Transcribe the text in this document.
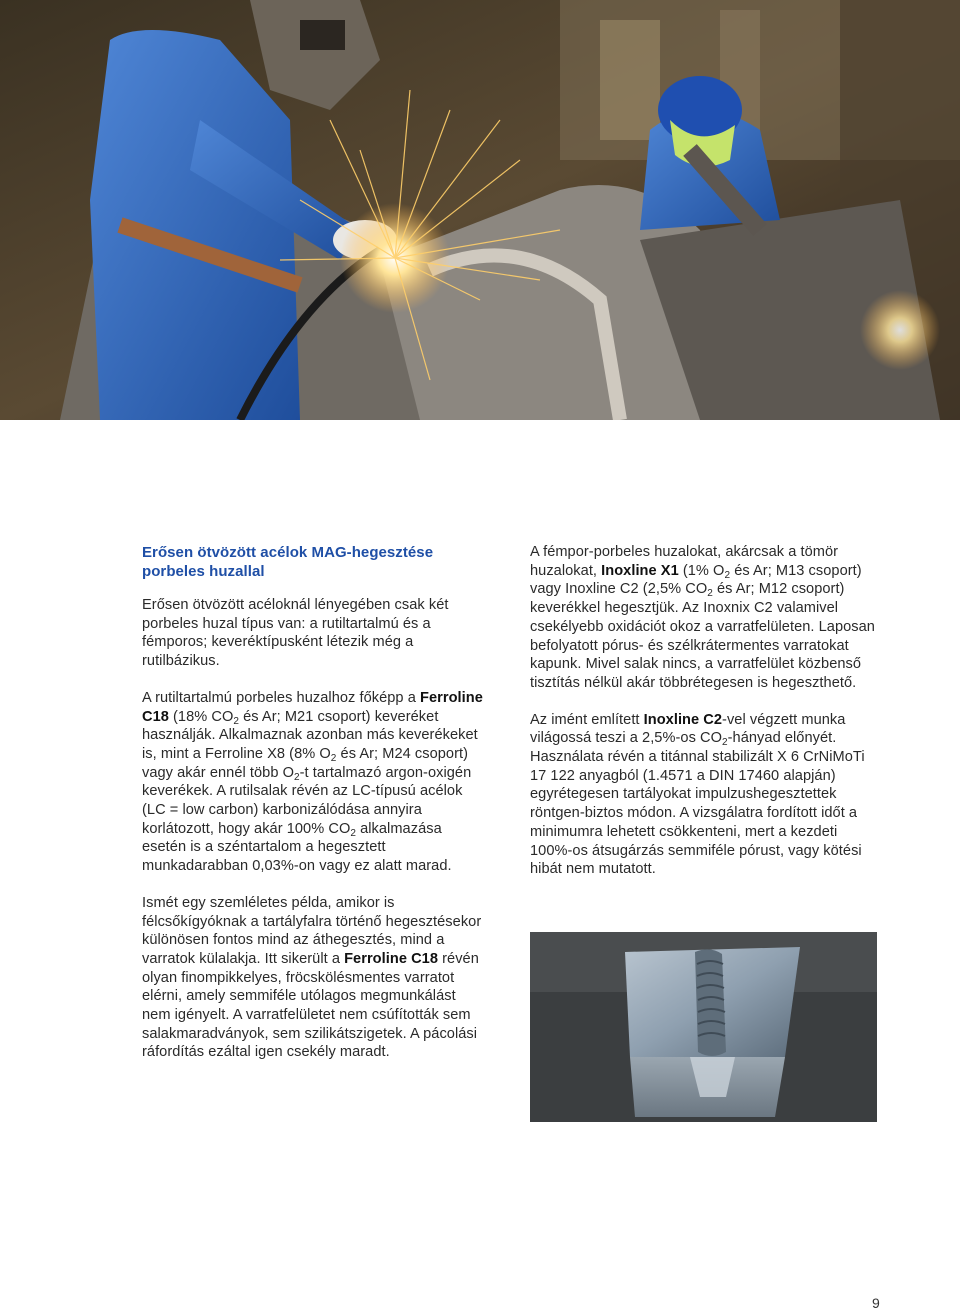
Erősen ötvözött acélok MAG-hegesztése porbeles huzallal

Erősen ötvözött acéloknál lényegében csak két porbeles huzal típus van: a rutiltartalmú és a fémporos; keveréktípusként létezik még a rutilbázikus.

A rutiltartalmú porbeles huzalhoz főképp a Ferroline C18 (18% $CO_2$ és Ar; M21 csoport) keveréket használják. Alkalmaznak azonban más keverékeket is, mint a Ferroline X8 (8% $O_2$ és Ar; M24 csoport) vagy akár ennél több $O_2-t$ tartalmazó argon-oxigén keverékek. A rutilsalak révén az LC-típusú acélok (LC = low carbon) karbonizálódása annyira korlátozott, hogy akár 100% $CO_2$ alkalmazása esetén is a széntartalom a hegesztett munkadarabban 0,03%-on vagy ez alatt marad.

Ismét egy szemléletes példa, amikor is félcsőkígyóknak a tartályfalra történő hegesztésekor különösen fontos mind az áthegesztés, mind a varratok külalakja. Itt sikerült a Ferroline C18 révén olyan finompikkelyes, fröcskölésmentes varratot elérni, amely semmiféle utólagos megmunkálást nem igényelt. A varratfelületet nem csúfították sem salakmaradványok, sem szilikátszigetek. A pácolási ráfordítás ezáltal igen csekély maradt.

A fémpor-porbeles huzalokat, akárcsak a tömör huzalokat, Inoxline X1 (1% $O_2$ és Ar; M13 csoport) vagy Inoxline C2 (2,5% $CO_2$ és Ar; M12 csoport) keverékkel hegesztjük. Az Inoxnix C2 valamivel csekélyebb oxidációt okoz a varratfelületen. Laposan befolyatott pórus- és szélkrátermentes varratokat kapunk. Mivel salak nincs, a varratfelület közbenső tisztítás nélkül akár többrétegesen is hegeszthető.

Az imént említett Inoxline C2-vel végzett munka világossá teszi a 2,5%-os $CO_2$-hányad előnyét. Használata révén a titánnal stabilizált X 6 CrNiMoTi 17 122 anyagból (1.4571 a DIN 17460 alapján) egyrétegesen tartályokat impulzushegesztettek röntgen-biztos módon. A vizsgálatra fordított időt a minimumra lehetett csökkenteni, mert a kezdeti 100%-os átsugárzás semmiféle pórust, vagy kötési hibát nem mutatott.

9
